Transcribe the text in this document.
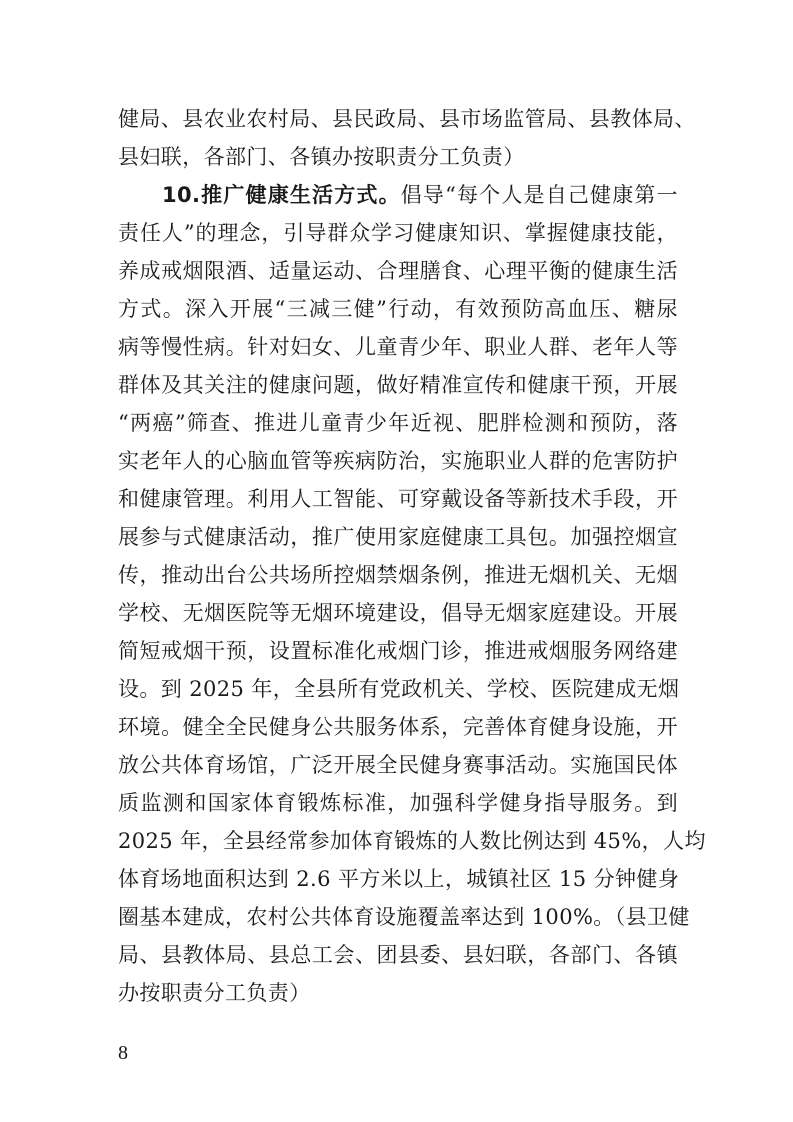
健局、县农业农村局、县民政局、县市场监管局、县教体局、
县妇联，各部门、各镇办按职责分工负责）
10.推广健康生活方式。倡导“每个人是自己健康第一
责任人”的理念，引导群众学习健康知识、掌握健康技能，
养成戒烟限酒、适量运动、合理膳食、心理平衡的健康生活
方式。深入开展“三减三健”行动，有效预防高血压、糖尿
病等慢性病。针对妇女、儿童青少年、职业人群、老年人等
群体及其关注的健康问题，做好精准宣传和健康干预，开展
“两癌”筛查、推进儿童青少年近视、肥胖检测和预防，落
实老年人的心脑血管等疾病防治，实施职业人群的危害防护
和健康管理。利用人工智能、可穿戴设备等新技术手段，开
展参与式健康活动，推广使用家庭健康工具包。加强控烟宣
传，推动出台公共场所控烟禁烟条例，推进无烟机关、无烟
学校、无烟医院等无烟环境建设，倡导无烟家庭建设。开展
简短戒烟干预，设置标准化戒烟门诊，推进戒烟服务网络建
设。到 2025 年，全县所有党政机关、学校、医院建成无烟
环境。健全全民健身公共服务体系，完善体育健身设施，开
放公共体育场馆，广泛开展全民健身赛事活动。实施国民体
质监测和国家体育锻炼标准，加强科学健身指导服务。到
2025 年，全县经常参加体育锻炼的人数比例达到 45%，人均
体育场地面积达到 2.6 平方米以上，城镇社区 15 分钟健身
圈基本建成，农村公共体育设施覆盖率达到 100%。（县卫健
局、县教体局、县总工会、团县委、县妇联，各部门、各镇
办按职责分工负责）
8
